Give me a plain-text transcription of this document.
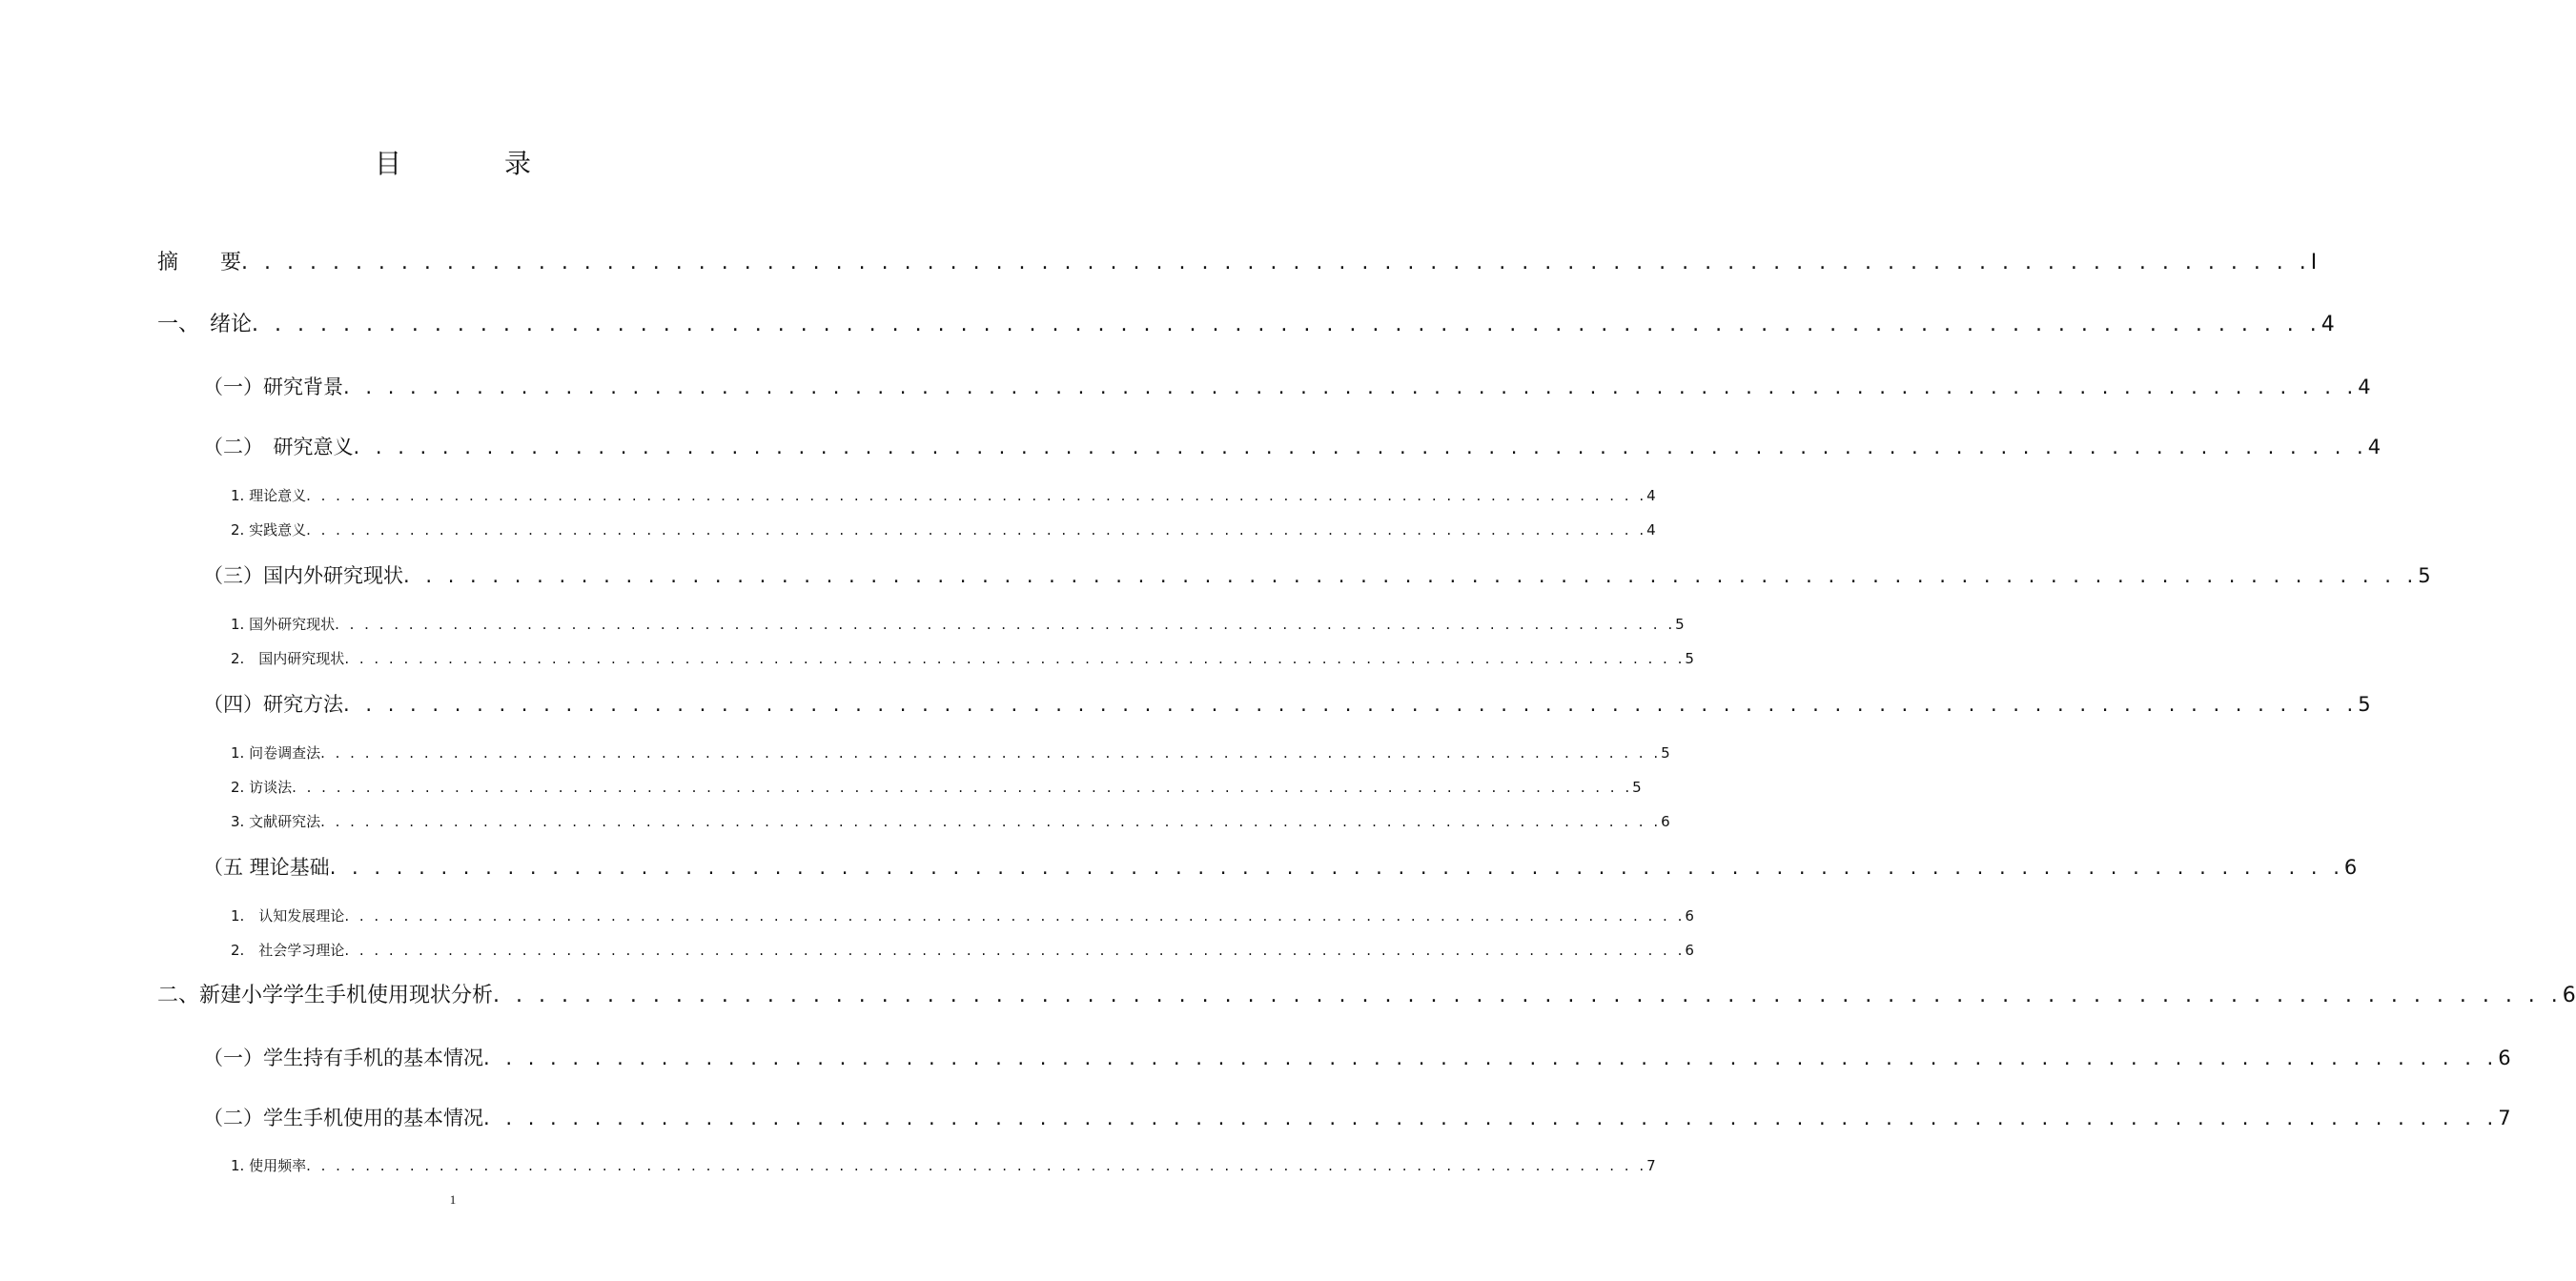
目　录
摘　　要 . . . . . . . . . . . . . . . . . . . . . . . . . . . . . . . . . . . . . . . . . . . . . . . . . . . . . . . . . . . . . . . . . . . . . . . . . . . . . . . . . . . . . . . . . . . I
一、　绪论 . . . . . . . . . . . . . . . . . . . . . . . . . . . . . . . . . . . . . . . . . . . . . . . . . . . . . . . . . . . . . . . . . . . . . . . . . . . . . . . . . . . . . . . . . . . 4
（一）研究背景 . . . . . . . . . . . . . . . . . . . . . . . . . . . . . . . . . . . . . . . . . . . . . . . . . . . . . . . . . . . . . . . . . . . . . . . . . . . . . . . . . . . . . . . . . . . 4
（二）　研究意义 . . . . . . . . . . . . . . . . . . . . . . . . . . . . . . . . . . . . . . . . . . . . . . . . . . . . . . . . . . . . . . . . . . . . . . . . . . . . . . . . . . . . . . . . . . . 4
1. 理论意义 . . . . . . . . . . . . . . . . . . . . . . . . . . . . . . . . . . . . . . . . . . . . . . . . . . . . . . . . . . . . . . . . . . . . . . . . . . . . . . . . . . . . . . . . . . . 4
2. 实践意义 . . . . . . . . . . . . . . . . . . . . . . . . . . . . . . . . . . . . . . . . . . . . . . . . . . . . . . . . . . . . . . . . . . . . . . . . . . . . . . . . . . . . . . . . . . . 4
（三）国内外研究现状 . . . . . . . . . . . . . . . . . . . . . . . . . . . . . . . . . . . . . . . . . . . . . . . . . . . . . . . . . . . . . . . . . . . . . . . . . . . . . . . . . . . . . . . . . . . 5
1. 国外研究现状 . . . . . . . . . . . . . . . . . . . . . . . . . . . . . . . . . . . . . . . . . . . . . . . . . . . . . . . . . . . . . . . . . . . . . . . . . . . . . . . . . . . . . . . . . . . 5
2.　国内研究现状 . . . . . . . . . . . . . . . . . . . . . . . . . . . . . . . . . . . . . . . . . . . . . . . . . . . . . . . . . . . . . . . . . . . . . . . . . . . . . . . . . . . . . . . . . . . 5
（四）研究方法 . . . . . . . . . . . . . . . . . . . . . . . . . . . . . . . . . . . . . . . . . . . . . . . . . . . . . . . . . . . . . . . . . . . . . . . . . . . . . . . . . . . . . . . . . . . 5
1. 问卷调查法 . . . . . . . . . . . . . . . . . . . . . . . . . . . . . . . . . . . . . . . . . . . . . . . . . . . . . . . . . . . . . . . . . . . . . . . . . . . . . . . . . . . . . . . . . . . 5
2. 访谈法 . . . . . . . . . . . . . . . . . . . . . . . . . . . . . . . . . . . . . . . . . . . . . . . . . . . . . . . . . . . . . . . . . . . . . . . . . . . . . . . . . . . . . . . . . . . 5
3. 文献研究法 . . . . . . . . . . . . . . . . . . . . . . . . . . . . . . . . . . . . . . . . . . . . . . . . . . . . . . . . . . . . . . . . . . . . . . . . . . . . . . . . . . . . . . . . . . . 6
（五 理论基础 . . . . . . . . . . . . . . . . . . . . . . . . . . . . . . . . . . . . . . . . . . . . . . . . . . . . . . . . . . . . . . . . . . . . . . . . . . . . . . . . . . . . . . . . . . . 6
1.　认知发展理论 . . . . . . . . . . . . . . . . . . . . . . . . . . . . . . . . . . . . . . . . . . . . . . . . . . . . . . . . . . . . . . . . . . . . . . . . . . . . . . . . . . . . . . . . . . . 6
2.　社会学习理论 . . . . . . . . . . . . . . . . . . . . . . . . . . . . . . . . . . . . . . . . . . . . . . . . . . . . . . . . . . . . . . . . . . . . . . . . . . . . . . . . . . . . . . . . . . . 6
二、新建小学学生手机使用现状分析 . . . . . . . . . . . . . . . . . . . . . . . . . . . . . . . . . . . . . . . . . . . . . . . . . . . . . . . . . . . . . . . . . . . . . . . . . . . . . . . . . . . . . . . . . . . 6
（一）学生持有手机的基本情况 . . . . . . . . . . . . . . . . . . . . . . . . . . . . . . . . . . . . . . . . . . . . . . . . . . . . . . . . . . . . . . . . . . . . . . . . . . . . . . . . . . . . . . . . . . . 6
（二）学生手机使用的基本情况 . . . . . . . . . . . . . . . . . . . . . . . . . . . . . . . . . . . . . . . . . . . . . . . . . . . . . . . . . . . . . . . . . . . . . . . . . . . . . . . . . . . . . . . . . . . 7
1. 使用频率 . . . . . . . . . . . . . . . . . . . . . . . . . . . . . . . . . . . . . . . . . . . . . . . . . . . . . . . . . . . . . . . . . . . . . . . . . . . . . . . . . . . . . . . . . . . 7
1
